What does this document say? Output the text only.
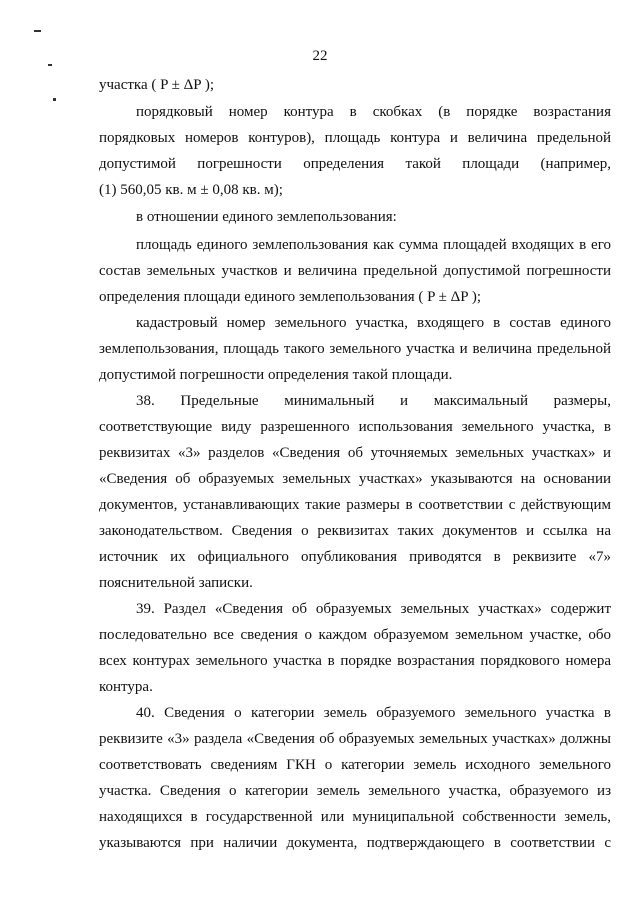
22
участка ( P ± ΔP );
порядковый номер контура в скобках (в порядке возрастания
порядковых номеров контуров), площадь контура и величина предельной
допустимой погрешности определения такой площади (например,
(1) 560,05 кв. м ± 0,08 кв. м);
в отношении единого землепользования:
площадь единого землепользования как сумма площадей входящих в его
состав земельных участков и величина предельной допустимой погрешности
определения площади единого землепользования ( P ± ΔP );
кадастровый номер земельного участка, входящего в состав единого
землепользования, площадь такого земельного участка и величина предельной
допустимой погрешности определения такой площади.
38. Предельные минимальный и максимальный размеры,
соответствующие виду разрешенного использования земельного участка, в
реквизитах «3» разделов «Сведения об уточняемых земельных участках» и
«Сведения об образуемых земельных участках» указываются на основании
документов, устанавливающих такие размеры в соответствии с действующим
законодательством. Сведения о реквизитах таких документов и ссылка на
источник их официального опубликования приводятся в реквизите «7»
пояснительной записки.
39. Раздел «Сведения об образуемых земельных участках» содержит
последовательно все сведения о каждом образуемом земельном участке, обо
всех контурах земельного участка в порядке возрастания порядкового номера
контура.
40. Сведения о категории земель образуемого земельного участка в
реквизите «3» раздела «Сведения об образуемых земельных участках» должны
соответствовать сведениям ГКН о категории земель исходного земельного
участка. Сведения о категории земель земельного участка, образуемого из
находящихся в государственной или муниципальной собственности земель,
указываются при наличии документа, подтверждающего в соответствии с
